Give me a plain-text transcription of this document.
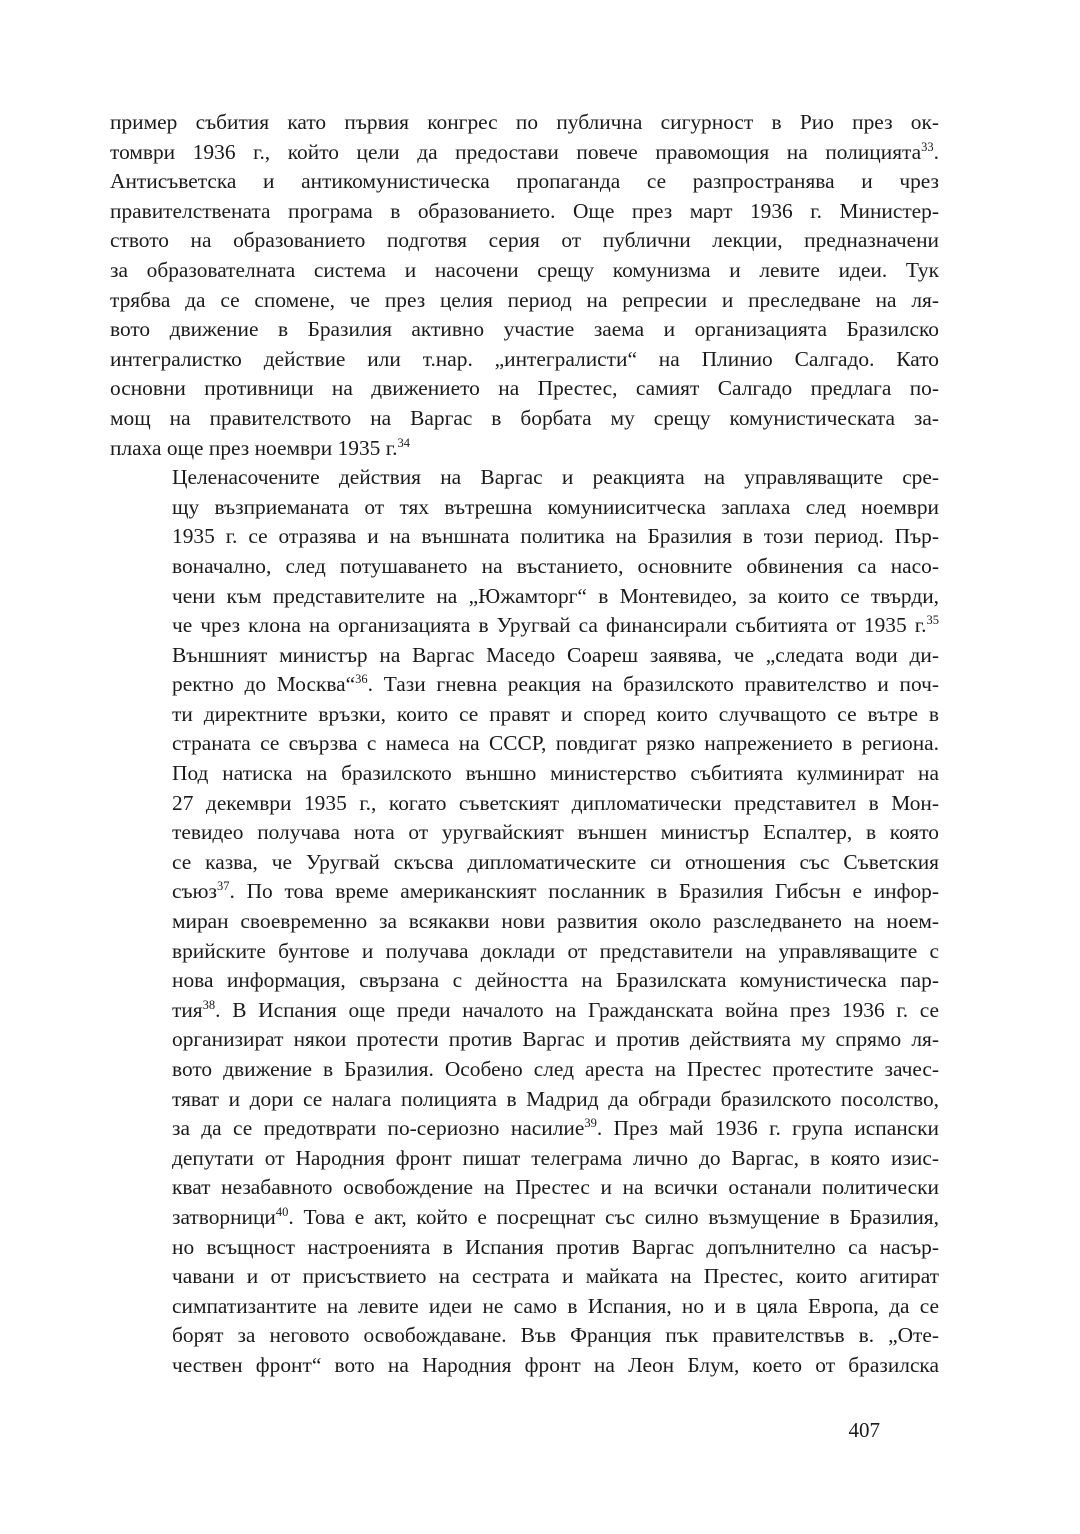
пример събития като първия конгрес по публична сигурност в Рио през ок-
томври 1936 г., който цели да предостави повече правомощия на полицията$^{33}$.
Антисъветска и антикомунистическа пропаганда се разпространява и чрез
правителствената програма в образованието. Още през март 1936 г. Министер-
ството на образованието подготвя серия от публични лекции, предназначени
за образователната система и насочени срещу комунизма и левите идеи. Тук
трябва да се спомене, че през целия период на репресии и преследване на ля-
вото движение в Бразилия активно участие заема и организацията Бразилско
интегралистко действие или т.нар. „интегралисти“ на Плинио Салгадо. Като
основни противници на движението на Престес, самият Салгадо предлага по-
мощ на правителството на Варгас в борбата му срещу комунистическата за-
плаха още през ноември 1935 г.$^{34}$

Целенасочените действия на Варгас и реакцията на управляващите сре-
щу възприеманата от тях вътрешна комунииситческа заплаха след ноември
1935 г. се отразява и на външната политика на Бразилия в този период. Пър-
воначално, след потушаването на въстанието, основните обвинения са насо-
чени към представителите на „Южамторг“ в Монтевидео, за които се твърди,
че чрез клона на организацията в Уругвай са финансирали събитията от 1935 г.$^{35}$
Външният министър на Варгас Маседо Соареш заявява, че „следата води ди-
ректно до Москва“$^{36}$. Тази гневна реакция на бразилското правителство и поч-
ти директните връзки, които се правят и според които случващото се вътре в
страната се свързва с намеса на СССР, повдигат рязко напрежението в региона.
Под натиска на бразилското външно министерство събитията кулминират на
27 декември 1935 г., когато съветският дипломатически представител в Мон-
тевидео получава нота от уругвайският външен министър Еспалтер, в която
се казва, че Уругвай скъсва дипломатическите си отношения със Съветския
съюз$^{37}$. По това време американският посланник в Бразилия Гибсън е инфор-
миран своевременно за всякакви нови развития около разследването на ноем-
врийските бунтове и получава доклади от представители на управляващите с
нова информация, свързана с дейността на Бразилската комунистическа пар-
тия$^{38}$. В Испания още преди началото на Гражданската война през 1936 г. се
организират някои протести против Варгас и против действията му спрямо ля-
вото движение в Бразилия. Особено след ареста на Престес протестите зачес-
тяват и дори се налага полицията в Мадрид да обгради бразилското посолство,
за да се предотврати по-сериозно насилие$^{39}$. През май 1936 г. група испански
депутати от Народния фронт пишат телеграма лично до Варгас, в която изис-
кват незабавното освобождение на Престес и на всички останали политически
затворници$^{40}$. Това е акт, който е посрещнат със силно възмущение в Бразилия,
но всъщност настроенията в Испания против Варгас допълнително са насър-
чавани и от присъствието на сестрата и майката на Престес, които агитират
симпатизантите на левите идеи не само в Испания, но и в цяла Европа, да се
борят за неговото освобождаване. Във Франция пък правителствъв в. „Оте-
чествен фронт“ вото на Народния фронт на Леон Блум, което от бразилска

407
